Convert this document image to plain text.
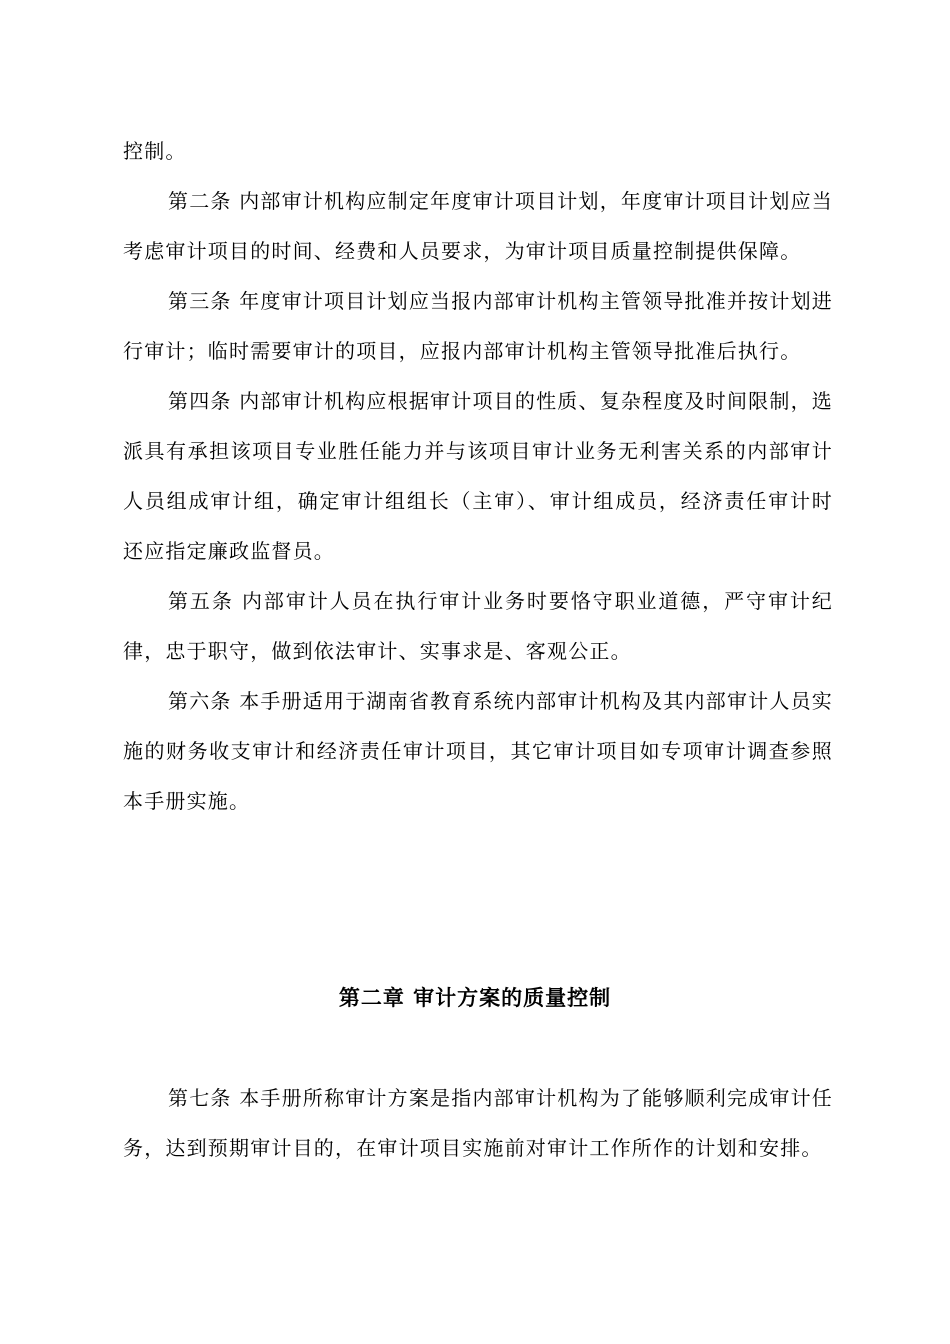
控制。

第二条 内部审计机构应制定年度审计项目计划，年度审计项目计划应当考虑审计项目的时间、经费和人员要求，为审计项目质量控制提供保障。

第三条 年度审计项目计划应当报内部审计机构主管领导批准并按计划进行审计；临时需要审计的项目，应报内部审计机构主管领导批准后执行。

第四条 内部审计机构应根据审计项目的性质、复杂程度及时间限制，选派具有承担该项目专业胜任能力并与该项目审计业务无利害关系的内部审计人员组成审计组，确定审计组组长（主审）、审计组成员，经济责任审计时还应指定廉政监督员。

第五条 内部审计人员在执行审计业务时要恪守职业道德，严守审计纪律，忠于职守，做到依法审计、实事求是、客观公正。

第六条 本手册适用于湖南省教育系统内部审计机构及其内部审计人员实施的财务收支审计和经济责任审计项目，其它审计项目如专项审计调查参照本手册实施。

第二章 审计方案的质量控制

第七条 本手册所称审计方案是指内部审计机构为了能够顺利完成审计任务，达到预期审计目的，在审计项目实施前对审计工作所作的计划和安排。
